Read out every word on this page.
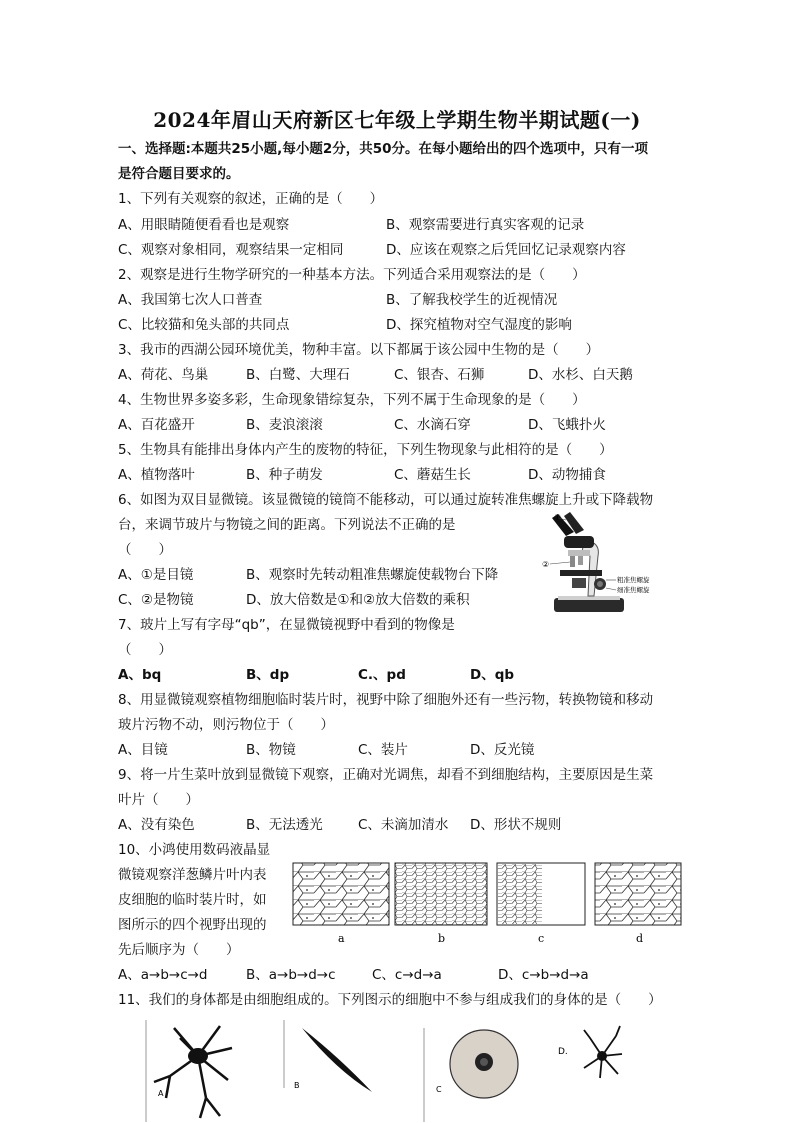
2024年眉山天府新区七年级上学期生物半期试题(一)
一、选择题:本题共25小题,每小题2分，共50分。在每小题给出的四个选项中，只有一项
是符合题目要求的。
1、下列有关观察的叙述，正确的是（　　）
A、用眼睛随便看看也是观察	B、观察需要进行真实客观的记录
C、观察对象相同，观察结果一定相同	D、应该在观察之后凭回忆记录观察内容
2、观察是进行生物学研究的一种基本方法。下列适合采用观察法的是（　　）
A、我国第七次人口普查	B、了解我校学生的近视情况
C、比较猫和兔头部的共同点	D、探究植物对空气湿度的影响
3、我市的西湖公园环境优美，物种丰富。以下都属于该公园中生物的是（　　）
A、荷花、鸟巢	B、白鹭、大理石	C、银杏、石狮	D、水杉、白天鹅
4、生物世界多姿多彩，生命现象错综复杂，下列不属于生命现象的是（　　）
A、百花盛开	B、麦浪滚滚	C、水滴石穿	D、飞蛾扑火
5、生物具有能排出身体内产生的废物的特征，下列生物现象与此相符的是（　　）
A、植物落叶	B、种子萌发	C、蘑菇生长	D、动物捕食
6、如图为双目显微镜。该显微镜的镜筒不能移动，可以通过旋转准焦螺旋上升或下降载物
台，来调节玻片与物镜之间的距离。下列说法不正确的是
（　　）
A、①是目镜	B、观察时先转动粗准焦螺旋使载物台下降
C、②是物镜	D、放大倍数是①和②放大倍数的乘积
①
②
粗准焦螺旋
细准焦螺旋
7、玻片上写有字母“qb”，在显微镜视野中看到的物像是
（　　）
A、bq	B、dp	C.、pd	D、qb
8、用显微镜观察植物细胞临时装片时，视野中除了细胞外还有一些污物，转换物镜和移动
玻片污物不动，则污物位于（　　）
A、目镜	B、物镜	C、装片	D、反光镜
9、将一片生菜叶放到显微镜下观察，正确对光调焦，却看不到细胞结构，主要原因是生菜
叶片（　　）
A、没有染色	B、无法透光	C、未滴加清水 D、形状不规则
10、小鸿使用数码液晶显
微镜观察洋葱鳞片叶内表
皮细胞的临时装片时，如
图所示的四个视野出现的
先后顺序为（　　）
A、a→b→c→d	B、a→b→d→c	C、c→d→a	D、c→b→d→a
a	b	c	d
11、我们的身体都是由细胞组成的。下列图示的细胞中不参与组成我们的身体的是（　　）
A
B	C
D.
